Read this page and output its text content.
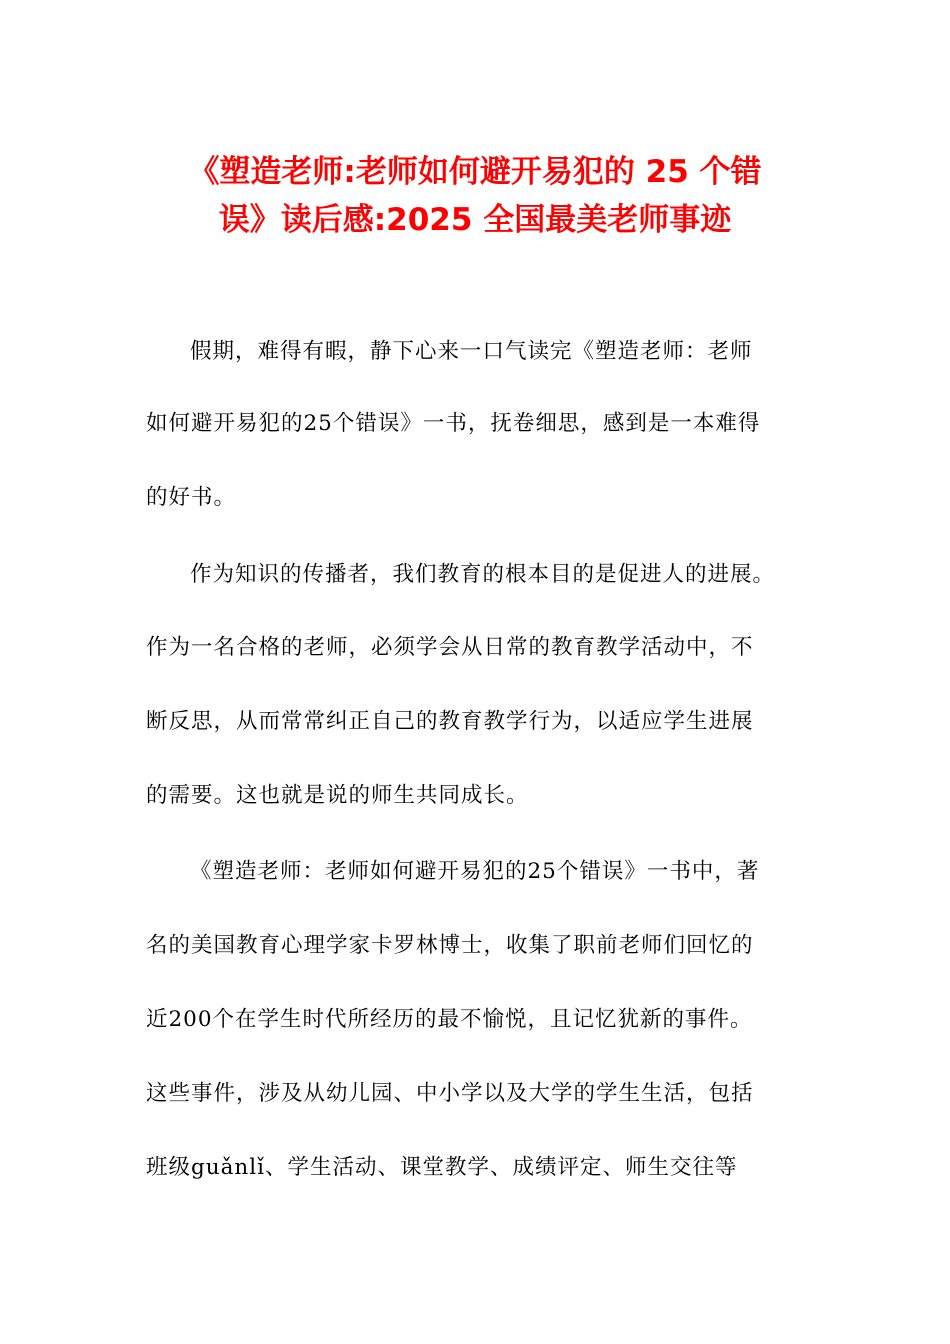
《塑造老师:老师如何避开易犯的 25 个错
误》读后感:2025 全国最美老师事迹
假期，难得有暇，静下心来一口气读完《塑造老师：老师
如何避开易犯的25个错误》一书，抚卷细思，感到是一本难得
的好书。
作为知识的传播者，我们教育的根本目的是促进人的进展。
作为一名合格的老师，必须学会从日常的教育教学活动中，不
断反思，从而常常纠正自己的教育教学行为，以适应学生进展
的需要。这也就是说的师生共同成长。
《塑造老师：老师如何避开易犯的25个错误》一书中，著
名的美国教育心理学家卡罗林博士，收集了职前老师们回忆的
近200个在学生时代所经历的最不愉悦，且记忆犹新的事件。
这些事件，涉及从幼儿园、中小学以及大学的学生生活，包括
班级guǎnlǐ、学生活动、课堂教学、成绩评定、师生交往等
